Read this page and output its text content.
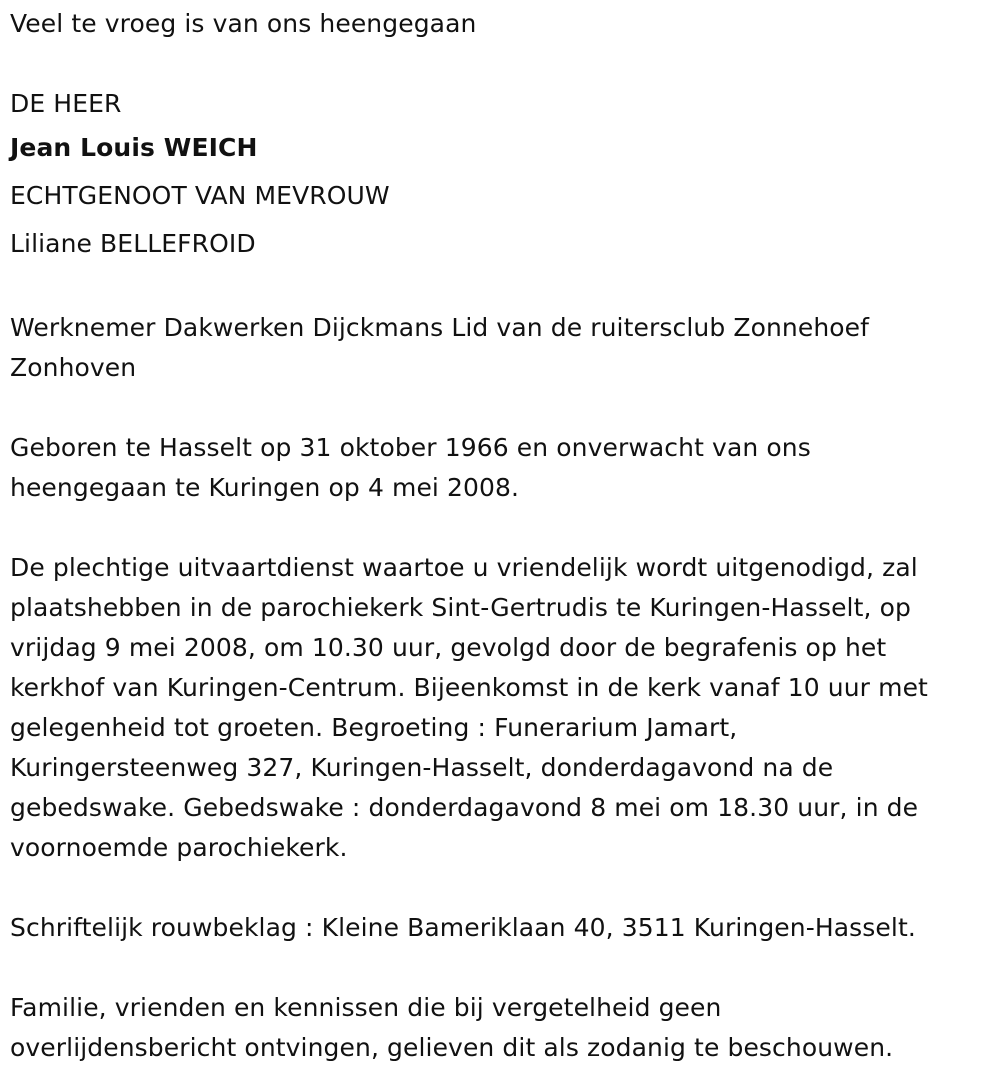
Veel te vroeg is van ons heengegaan
DE HEER
Jean Louis WEICH
ECHTGENOOT VAN MEVROUW
Liliane BELLEFROID
Werknemer Dakwerken Dijckmans Lid van de ruitersclub Zonnehoef
Zonhoven
Geboren te Hasselt op 31 oktober 1966 en onverwacht van ons
heengegaan te Kuringen op 4 mei 2008.
De plechtige uitvaartdienst waartoe u vriendelijk wordt uitgenodigd, zal
plaatshebben in de parochiekerk Sint-Gertrudis te Kuringen-Hasselt, op
vrijdag 9 mei 2008, om 10.30 uur, gevolgd door de begrafenis op het
kerkhof van Kuringen-Centrum. Bijeenkomst in de kerk vanaf 10 uur met
gelegenheid tot groeten. Begroeting : Funerarium Jamart,
Kuringersteenweg 327, Kuringen-Hasselt, donderdagavond na de
gebedswake. Gebedswake : donderdagavond 8 mei om 18.30 uur, in de
voornoemde parochiekerk.
Schriftelijk rouwbeklag : Kleine Bameriklaan 40, 3511 Kuringen-Hasselt.
Familie, vrienden en kennissen die bij vergetelheid geen
overlijdensbericht ontvingen, gelieven dit als zodanig te beschouwen.
